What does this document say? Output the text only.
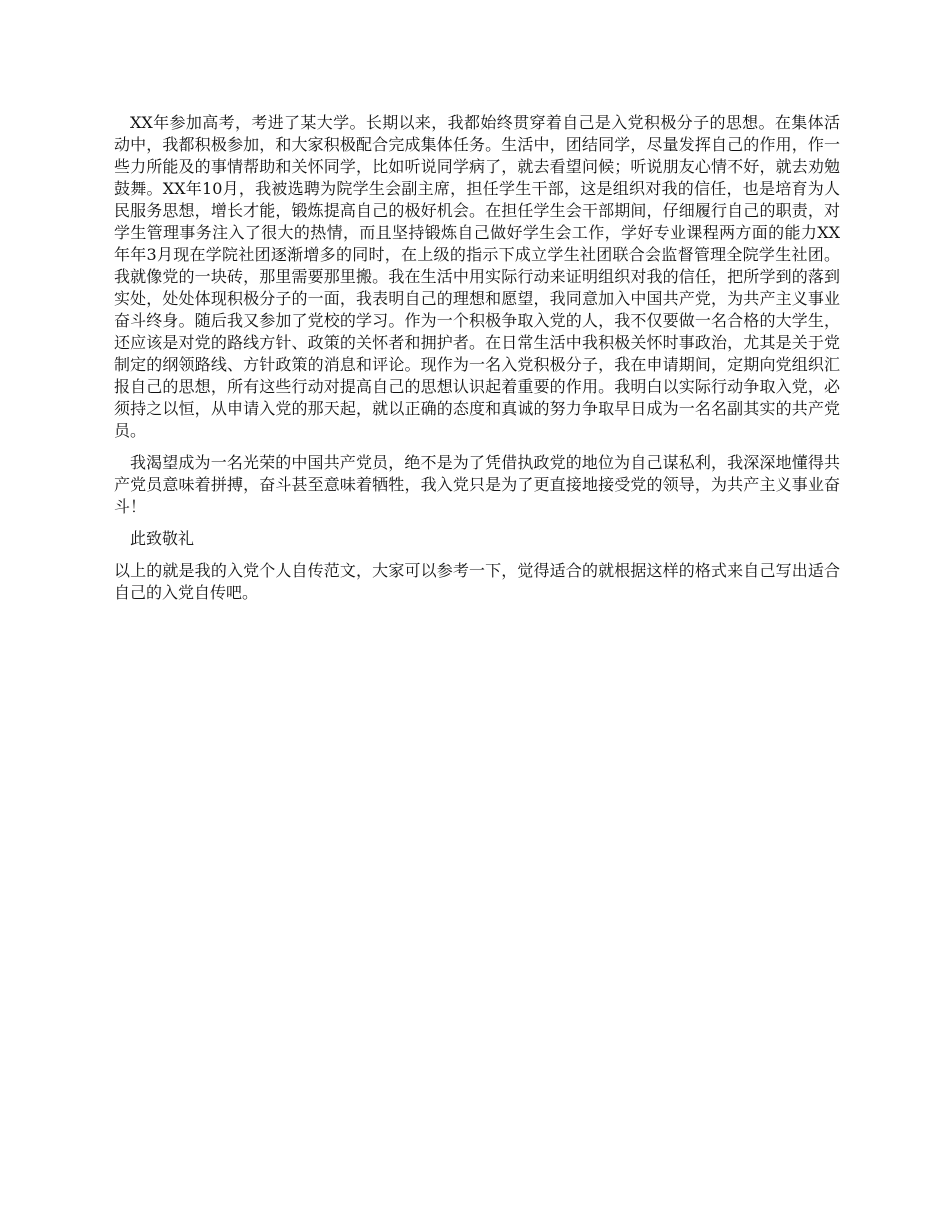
XX年参加高考，考进了某大学。长期以来，我都始终贯穿着自己是入党积极分子的思想。在集体活动中，我都积极参加，和大家积极配合完成集体任务。生活中，团结同学，尽量发挥自己的作用，作一些力所能及的事情帮助和关怀同学，比如听说同学病了，就去看望问候；听说朋友心情不好，就去劝勉鼓舞。XX年10月，我被选聘为院学生会副主席，担任学生干部，这是组织对我的信任，也是培育为人民服务思想，增长才能，锻炼提高自己的极好机会。在担任学生会干部期间，仔细履行自己的职责，对学生管理事务注入了很大的热情，而且坚持锻炼自己做好学生会工作，学好专业课程两方面的能力XX年年3月现在学院社团逐渐增多的同时，在上级的指示下成立学生社团联合会监督管理全院学生社团。我就像党的一块砖，那里需要那里搬。我在生活中用实际行动来证明组织对我的信任，把所学到的落到实处，处处体现积极分子的一面，我表明自己的理想和愿望，我同意加入中国共产党，为共产主义事业奋斗终身。随后我又参加了党校的学习。作为一个积极争取入党的人，我不仅要做一名合格的大学生，还应该是对党的路线方针、政策的关怀者和拥护者。在日常生活中我积极关怀时事政治，尤其是关于党制定的纲领路线、方针政策的消息和评论。现作为一名入党积极分子，我在申请期间，定期向党组织汇报自己的思想，所有这些行动对提高自己的思想认识起着重要的作用。我明白以实际行动争取入党，必须持之以恒，从申请入党的那天起，就以正确的态度和真诚的努力争取早日成为一名名副其实的共产党员。

我渴望成为一名光荣的中国共产党员，绝不是为了凭借执政党的地位为自己谋私利，我深深地懂得共产党员意味着拼搏，奋斗甚至意味着牺牲，我入党只是为了更直接地接受党的领导，为共产主义事业奋斗！

此致敬礼

以上的就是我的入党个人自传范文，大家可以参考一下，觉得适合的就根据这样的格式来自己写出适合自己的入党自传吧。
